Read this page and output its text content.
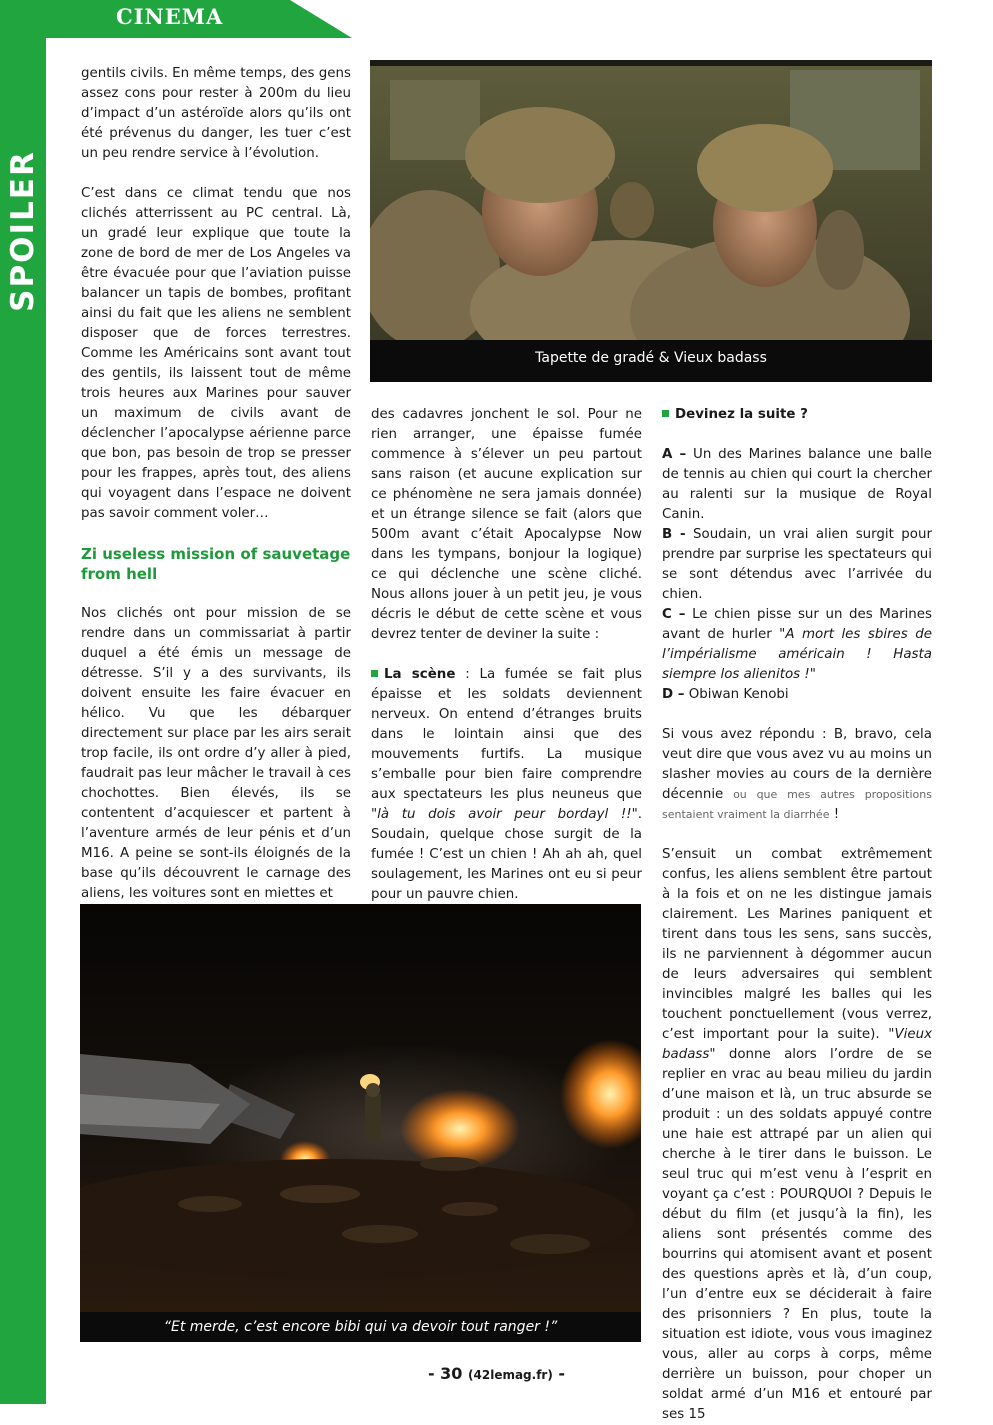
CINEMA
SPOILER

gentils civils. En même temps, des gens assez cons pour rester à 200m du lieu d’impact d’un astéroïde alors qu’ils ont été prévenus du danger, les tuer c’est un peu rendre service à l’évolution.

C’est dans ce climat tendu que nos clichés atterrissent au PC central. Là, un gradé leur explique que toute la zone de bord de mer de Los Angeles va être évacuée pour que l’aviation puisse balancer un tapis de bombes, profitant ainsi du fait que les aliens ne semblent disposer que de forces terrestres. Comme les Américains sont avant tout des gentils, ils laissent tout de même trois heures aux Marines pour sauver un maximum de civils avant de déclencher l’apocalypse aérienne parce que bon, pas besoin de trop se presser pour les frappes, après tout, des aliens qui voyagent dans l’espace ne doivent pas savoir comment voler…

Zi useless mission of sauvetage from hell

Nos clichés ont pour mission de se rendre dans un commissariat à partir duquel a été émis un message de détresse. S’il y a des survivants, ils doivent ensuite les faire évacuer en hélico. Vu que les débarquer directement sur place par les airs serait trop facile, ils ont ordre d’y aller à pied, faudrait pas leur mâcher le travail à ces chochottes. Bien élevés, ils se contentent d’acquiescer et partent à l’aventure armés de leur pénis et d’un M16. A peine se sont-ils éloignés de la base qu’ils découvrent le carnage des aliens, les voitures sont en miettes et

Tapette de gradé & Vieux badass

des cadavres jonchent le sol. Pour ne rien arranger, une épaisse fumée commence à s’élever un peu partout sans raison (et aucune explication sur ce phénomène ne sera jamais donnée) et un étrange silence se fait (alors que 500m avant c’était Apocalypse Now dans les tympans, bonjour la logique) ce qui déclenche une scène cliché. Nous allons jouer à un petit jeu, je vous décris le début de cette scène et vous devrez tenter de deviner la suite :

La scène : La fumée se fait plus épaisse et les soldats deviennent nerveux. On entend d’étranges bruits dans le lointain ainsi que des mouvements furtifs. La musique s’emballe pour bien faire comprendre aux spectateurs les plus neuneus que "là tu dois avoir peur bordayl !!". Soudain, quelque chose surgit de la fumée ! C’est un chien ! Ah ah ah, quel soulagement, les Marines ont eu si peur pour un pauvre chien.

Devinez la suite ?

A – Un des Marines balance une balle de tennis au chien qui court la chercher au ralenti sur la musique de Royal Canin.

B - Soudain, un vrai alien surgit pour prendre par surprise les spectateurs qui se sont détendus avec l’arrivée du chien.

C – Le chien pisse sur un des Marines avant de hurler "A mort les sbires de l’impérialisme américain ! Hasta siempre los alienitos !"

D – Obiwan Kenobi

Si vous avez répondu : B, bravo, cela veut dire que vous avez vu au moins un slasher movies au cours de la dernière décennie ou que mes autres propositions sentaient vraiment la diarrhée !

S’ensuit un combat extrêmement confus, les aliens semblent être partout à la fois et on ne les distingue jamais clairement. Les Marines paniquent et tirent dans tous les sens, sans succès, ils ne parviennent à dégommer aucun de leurs adversaires qui semblent invincibles malgré les balles qui les touchent ponctuellement (vous verrez, c’est important pour la suite). "Vieux badass" donne alors l’ordre de se replier en vrac au beau milieu du jardin d’une maison et là, un truc absurde se produit : un des soldats appuyé contre une haie est attrapé par un alien qui cherche à le tirer dans le buisson. Le seul truc qui m’est venu à l’esprit en voyant ça c’est : POURQUOI ? Depuis le début du film (et jusqu’à la fin), les aliens sont présentés comme des bourrins qui atomisent avant et posent des questions après et là, d’un coup, l’un d’entre eux se déciderait à faire des prisonniers ? En plus, toute la situation est idiote, vous vous imaginez vous, aller au corps à corps, même derrière un buisson, pour choper un soldat armé d’un M16 et entouré par ses 15

“Et merde, c’est encore bibi qui va devoir tout ranger !”
- 30 (42lemag.fr) -
